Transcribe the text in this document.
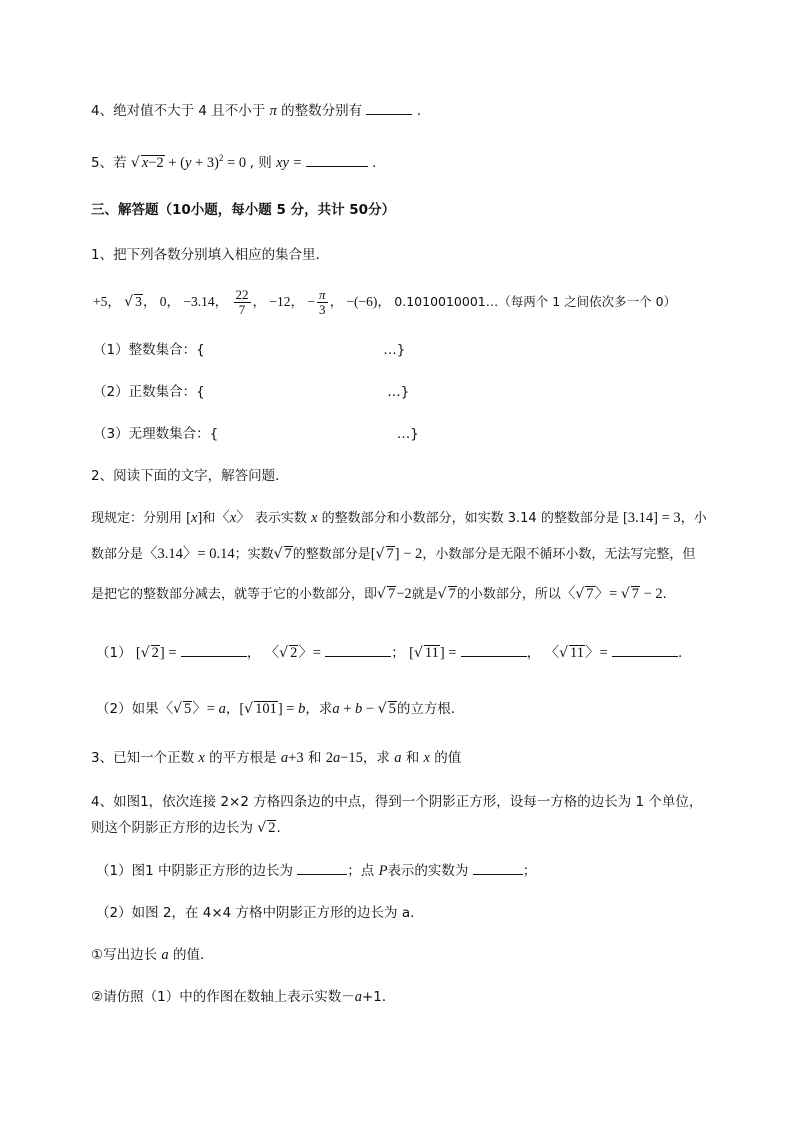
4、绝对值不大于 4 且不小于 π 的整数分别有	.
5、若 √ $x-2 + (y + 3)^2 = 0$ , 则 xy =	.
三、解答题（10小题，每小题 5 分，共计 50分）
1、把下列各数分别填入相应的集合里．
+5， √ 3， 0， −3.14， $\frac{22}{7}$ ， −12， − $\frac{\pi}{3}$ ， −(−6)， 0.1010010001…（每两个 1 之间依次多一个 0）
（1）整数集合：{	…}
（2）正数集合：{	…}
（3）无理数集合：{	…}
2、阅读下面的文字，解答问题．
现规定：分别用 [x]和〈x〉 表示实数 x 的整数部分和小数部分，如实数 3.14 的整数部分是 [3.14] = 3，小
数部分是〈3.14〉= 0.14；实数√ 7的整数部分是[√ 7] − 2，小数部分是无限不循环小数，无法写完整，但
是把它的整数部分减去，就等于它的小数部分，即√ 7−2就是√ 7的小数部分，所以〈√ 7〉= √ 7 − 2.
（1） [√ 2] =	， 〈√ 2〉=	； [√ 11] =	， 〈√ 11〉=	.
（2）如果〈√ 5〉= a，[√ 101] = b，求a + b − √ 5的立方根．
3、已知一个正数 x 的平方根是 a+3 和 2a−15，求 a 和 x 的值
4、如图1，依次连接 2×2 方格四条边的中点，得到一个阴影正方形，设每一方格的边长为 1 个单位，
则这个阴影正方形的边长为 √ 2．
（1）图1 中阴影正方形的边长为	；点 P表示的实数为	；
（2）如图 2，在 4×4 方格中阴影正方形的边长为 a．
①写出边长 a 的值．
②请仿照（1）中的作图在数轴上表示实数－a+1．
